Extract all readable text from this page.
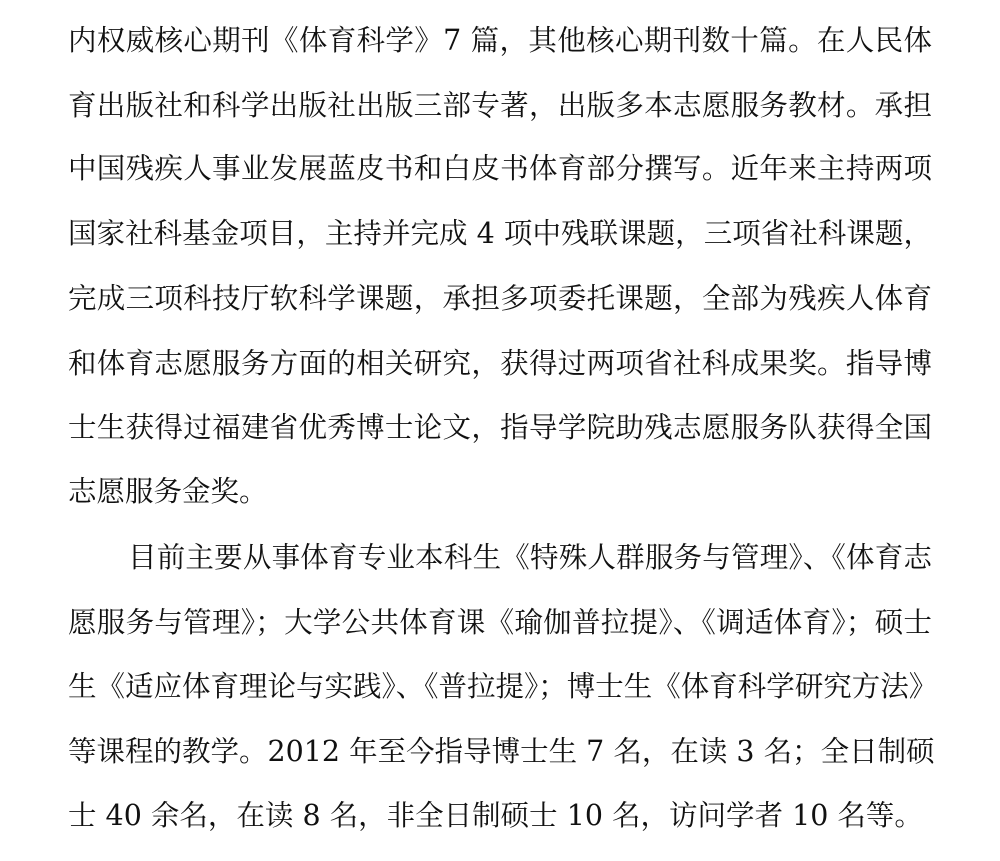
内权威核心期刊《体育科学》7 篇，其他核心期刊数十篇。在人民体
育出版社和科学出版社出版三部专著，出版多本志愿服务教材。承担
中国残疾人事业发展蓝皮书和白皮书体育部分撰写。近年来主持两项
国家社科基金项目，主持并完成 4 项中残联课题，三项省社科课题，
完成三项科技厅软科学课题，承担多项委托课题，全部为残疾人体育
和体育志愿服务方面的相关研究，获得过两项省社科成果奖。指导博
士生获得过福建省优秀博士论文，指导学院助残志愿服务队获得全国
志愿服务金奖。
目前主要从事体育专业本科生《特殊人群服务与管理》、《体育志
愿服务与管理》；大学公共体育课《瑜伽普拉提》、《调适体育》；硕士
生《适应体育理论与实践》、《普拉提》；博士生《体育科学研究方法》
等课程的教学。2012 年至今指导博士生 7 名，在读 3 名；全日制硕
士 40 余名，在读 8 名，非全日制硕士 10 名，访问学者 10 名等。
